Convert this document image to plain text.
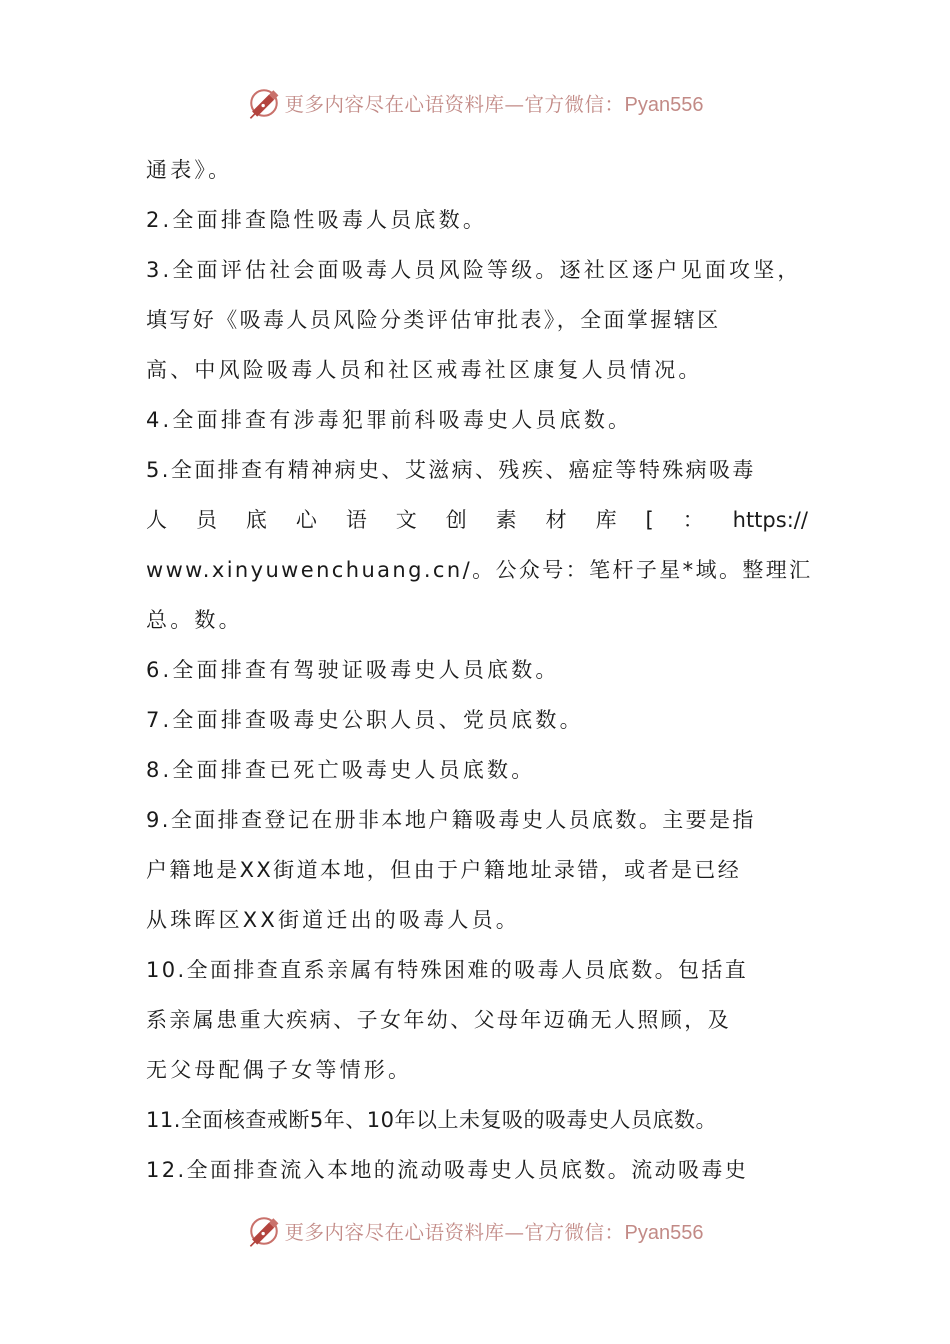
更多内容尽在心语资料库—官方微信：Pyan556
通表》。
2.全面排查隐性吸毒人员底数。
3.全面评估社会面吸毒人员风险等级。逐社区逐户见面攻坚，
填写好《吸毒人员风险分类评估审批表》，全面掌握辖区
高、中风险吸毒人员和社区戒毒社区康复人员情况。
4.全面排查有涉毒犯罪前科吸毒史人员底数。
5.全面排查有精神病史、艾滋病、残疾、癌症等特殊病吸毒
人 员 底 心 语 文 创 素 材 库 [ ： https://
www.xinyuwenchuang.cn/。公众号：笔杆子星*域。整理汇
总。数。
6.全面排查有驾驶证吸毒史人员底数。
7.全面排查吸毒史公职人员、党员底数。
8.全面排查已死亡吸毒史人员底数。
9.全面排查登记在册非本地户籍吸毒史人员底数。主要是指
户籍地是XX街道本地，但由于户籍地址录错，或者是已经
从珠晖区XX街道迁出的吸毒人员。
10.全面排查直系亲属有特殊困难的吸毒人员底数。包括直
系亲属患重大疾病、子女年幼、父母年迈确无人照顾，及
无父母配偶子女等情形。
11.全面核查戒断5年、10年以上未复吸的吸毒史人员底数。
12.全面排查流入本地的流动吸毒史人员底数。流动吸毒史
更多内容尽在心语资料库—官方微信：Pyan556
